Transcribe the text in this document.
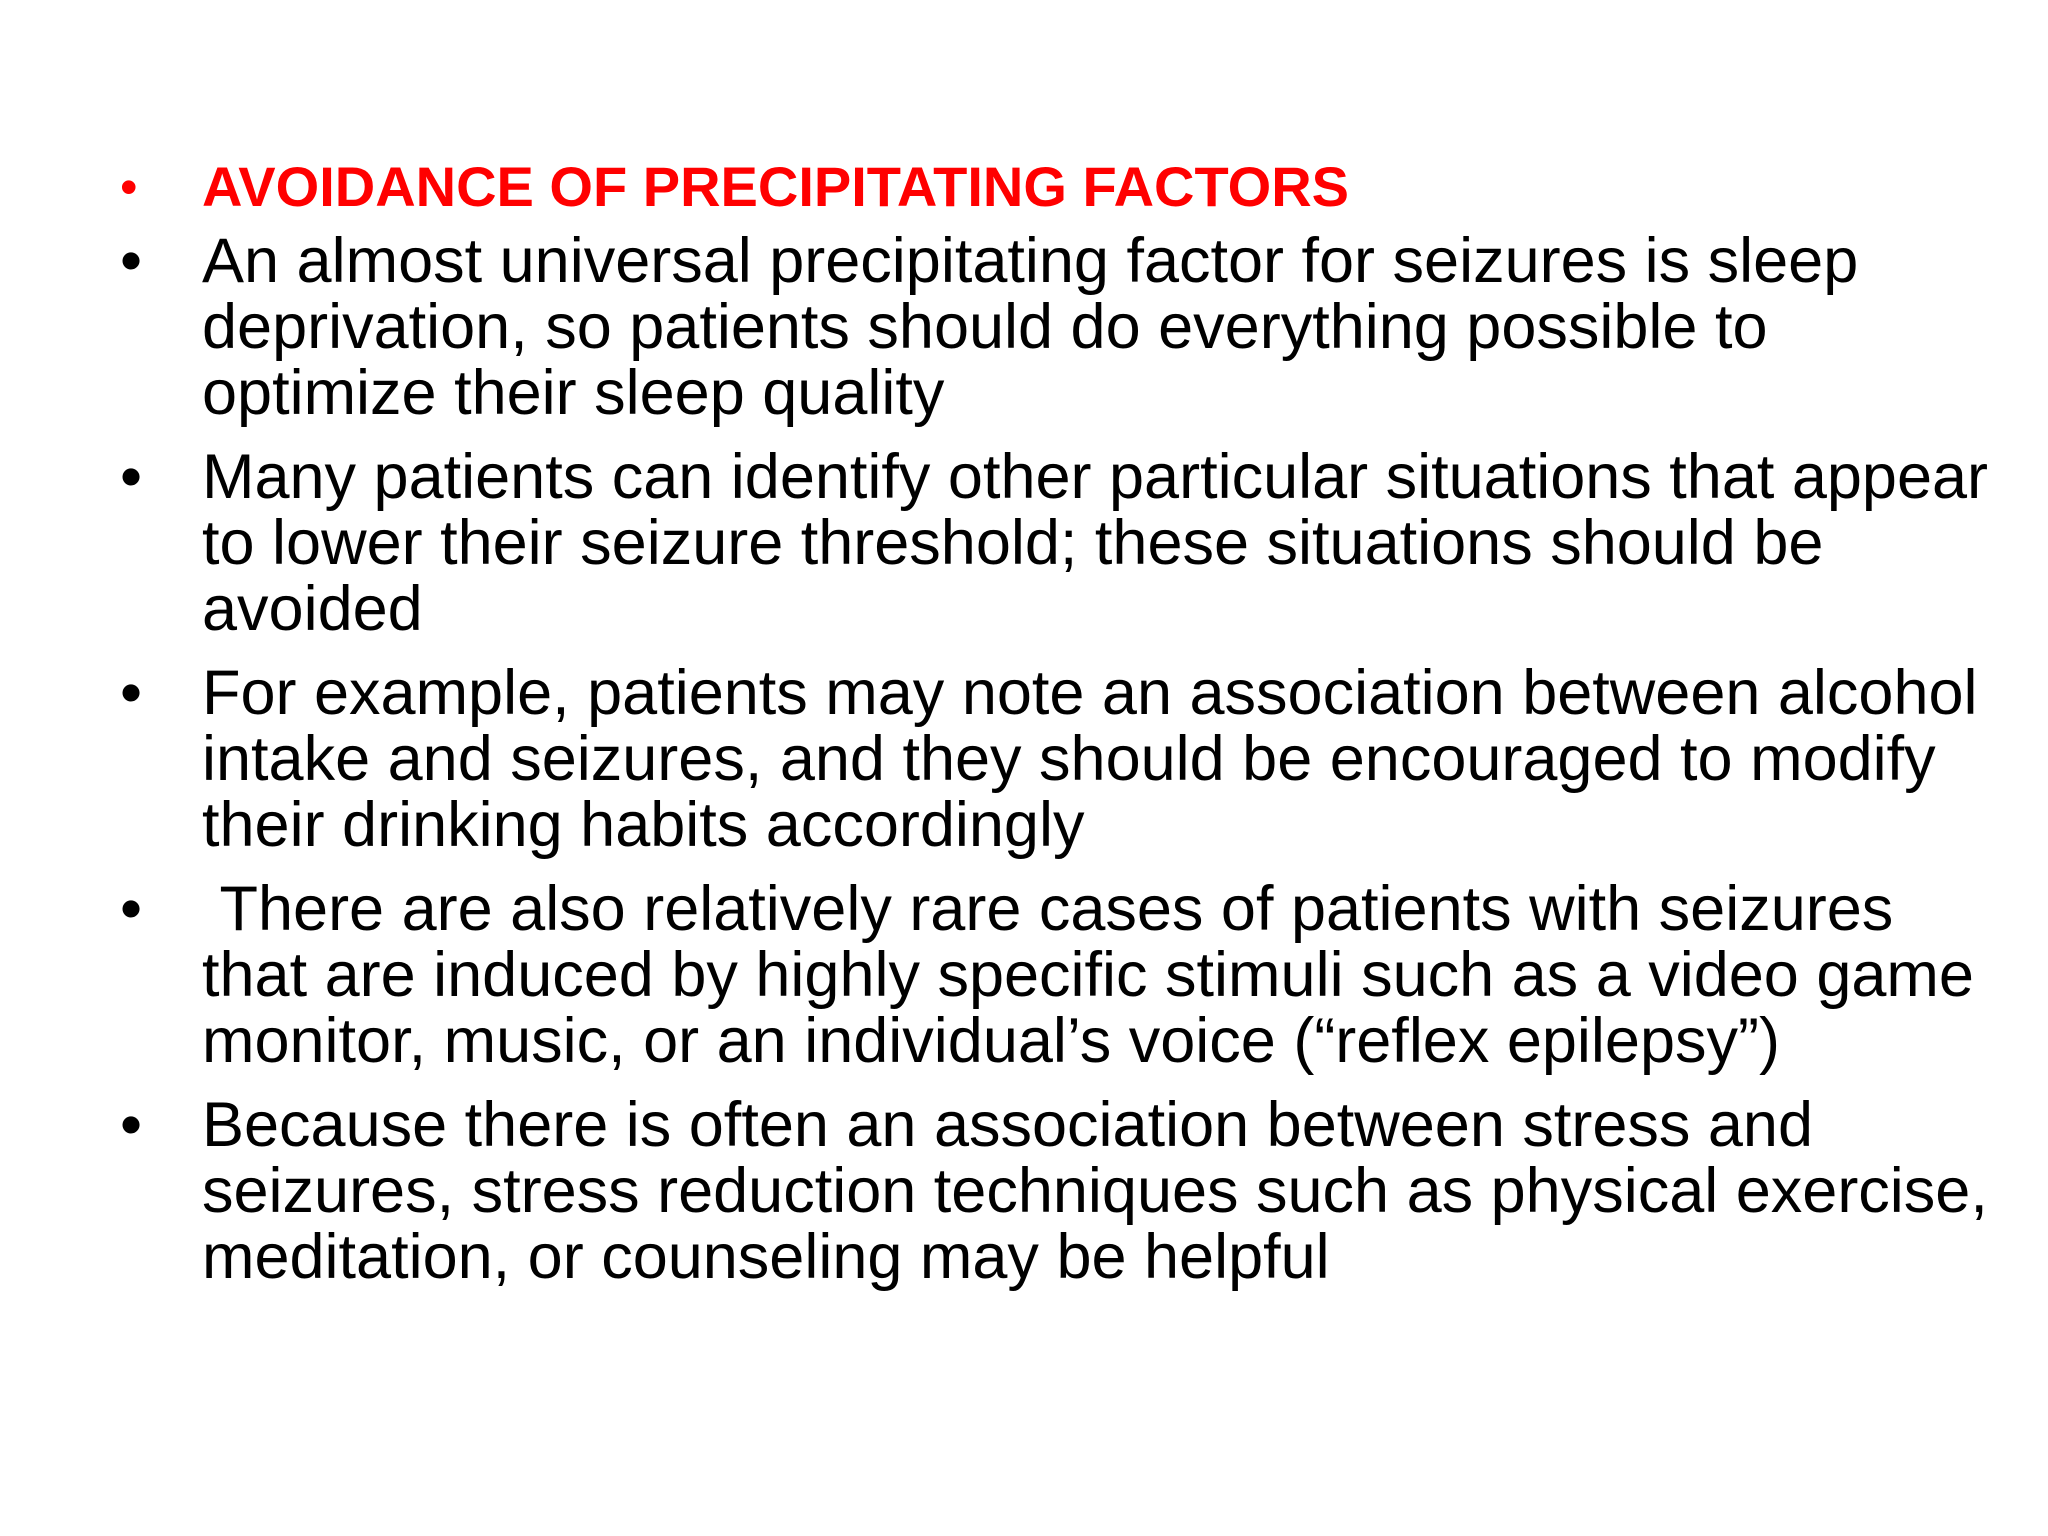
•	AVOIDANCE OF PRECIPITATING FACTORS
• An almost universal precipitating factor for seizures is sleep deprivation, so patients should do everything possible to optimize their sleep quality
• Many patients can identify other particular situations that appear to lower their seizure threshold; these situations should be avoided
• For example, patients may note an association between alcohol intake and seizures, and they should be encouraged to modify their drinking habits accordingly
• There are also relatively rare cases of patients with seizures that are induced by highly specific stimuli such as a video game monitor, music, or an individual’s voice (“reflex epilepsy”)
• Because there is often an association between stress and seizures, stress reduction techniques such as physical exercise, meditation, or counseling may be helpful
